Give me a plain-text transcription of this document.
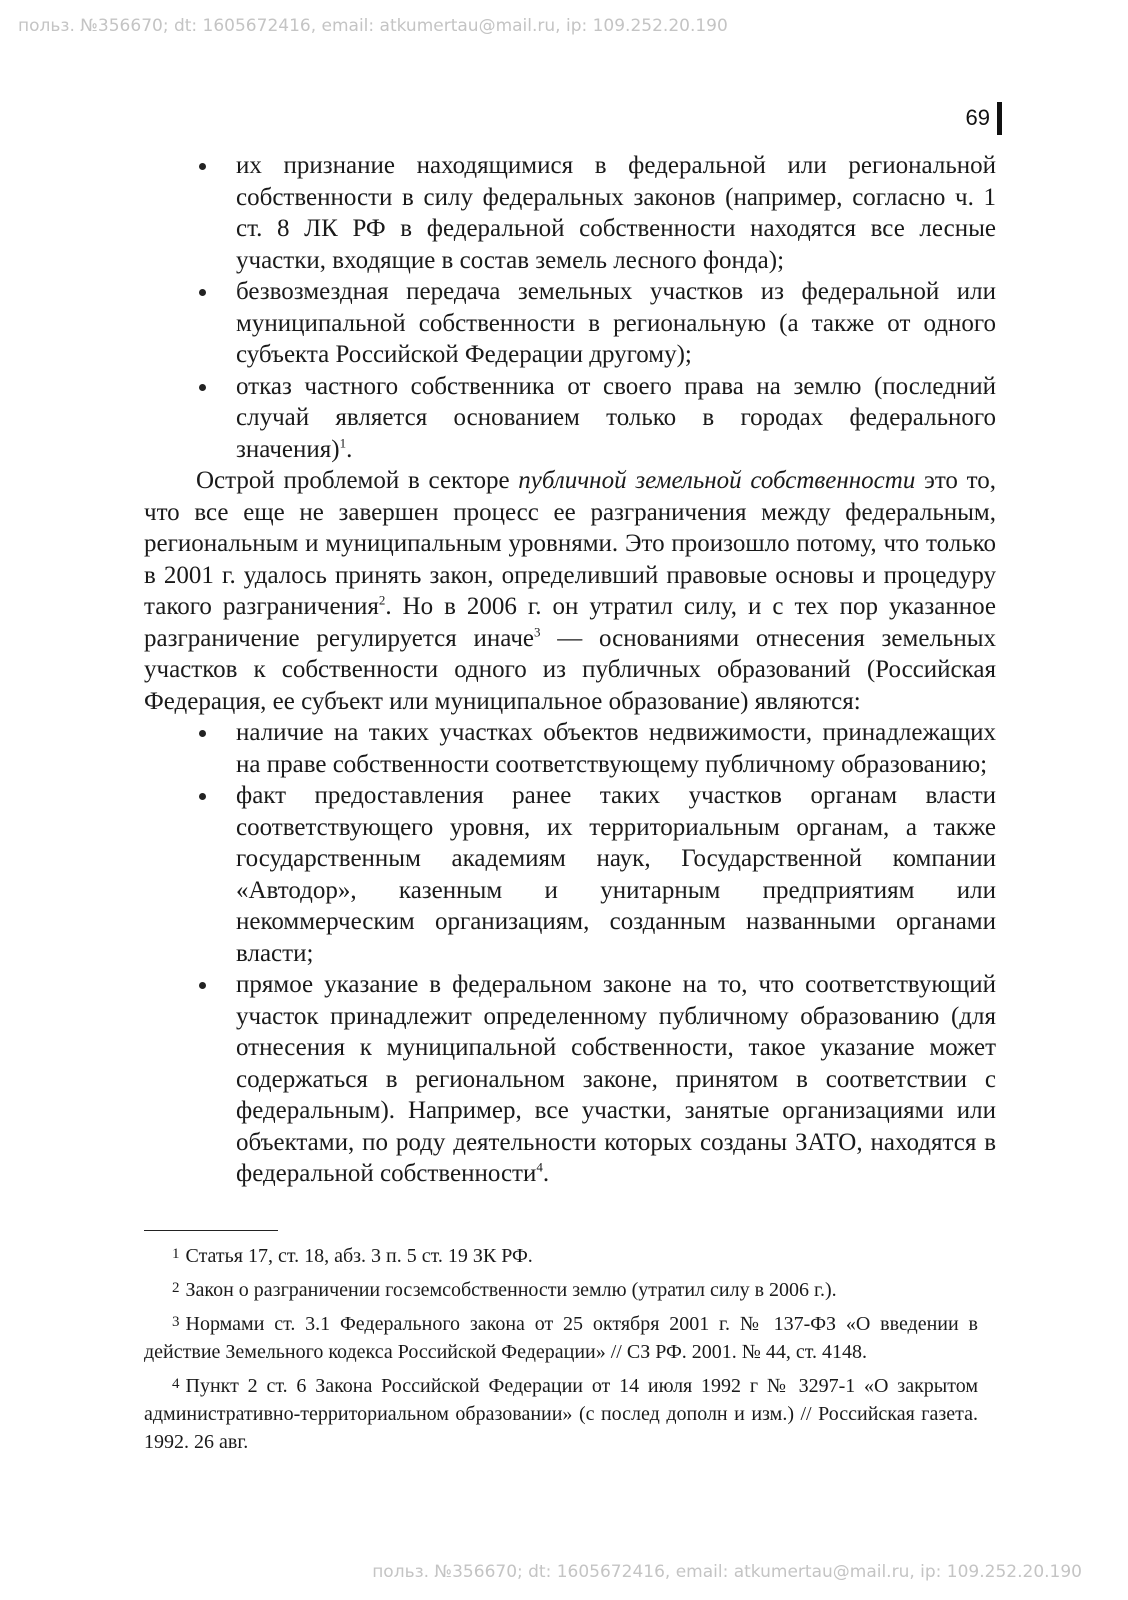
польз. №356670; dt: 1605672416, email: atkumertau@mail.ru, ip: 109.252.20.190
69
их признание находящимися в федеральной или региональной собственности в силу федеральных законов (например, согласно ч. 1 ст. 8 ЛК РФ в федеральной собственности находятся все лесные участки, входящие в состав земель лесного фонда);
безвозмездная передача земельных участков из федеральной или муниципальной собственности в региональную (а также от одного субъекта Российской Федерации другому);
отказ частного собственника от своего права на землю (последний случай является основанием только в городах федерального значения)$^1$.

Острой проблемой в секторе публичной земельной собственности это то, что все еще не завершен процесс ее разграничения между федеральным, региональным и муниципальным уровнями. Это произошло потому, что только в 2001 г. удалось принять закон, определивший правовые основы и процедуру такого разграничения$^2$. Но в 2006 г. он утратил силу, и с тех пор указанное разграничение регулируется иначе$^3$ — основаниями отнесения земельных участков к собственности одного из публичных образований (Российская Федерация, ее субъект или муниципальное образование) являются:

наличие на таких участках объектов недвижимости, принадлежащих на праве собственности соответствующему публичному образованию;
факт предоставления ранее таких участков органам власти соответствующего уровня, их территориальным органам, а также государственным академиям наук, Государственной компании «Автодор», казенным и унитарным предприятиям или некоммерческим организациям, созданным названными органами власти;
прямое указание в федеральном законе на то, что соответствующий участок принадлежит определенному публичному образованию (для отнесения к муниципальной собственности, такое указание может содержаться в региональном законе, принятом в соответствии с федеральным). Например, все участки, занятые организациями или объектами, по роду деятельности которых созданы ЗАТО, находятся в федеральной собственности$^4$.

$^1$ Статья 17, ст. 18, абз. 3 п. 5 ст. 19 ЗК РФ.

$^2$ Закон о разграничении госземсобственности землю (утратил силу в 2006 г.).

$^3$ Нормами ст. 3.1 Федерального закона от 25 октября 2001 г. № 137-ФЗ «О введении в действие Земельного кодекса Российской Федерации» // СЗ РФ. 2001. № 44, ст. 4148.

$^4$ Пункт 2 ст. 6 Закона Российской Федерации от 14 июля 1992 г № 3297-1 «О закрытом административно-территориальном образовании» (с послед дополн и изм.) // Российская газета. 1992. 26 авг.

польз. №356670; dt: 1605672416, email: atkumertau@mail.ru, ip: 109.252.20.190
